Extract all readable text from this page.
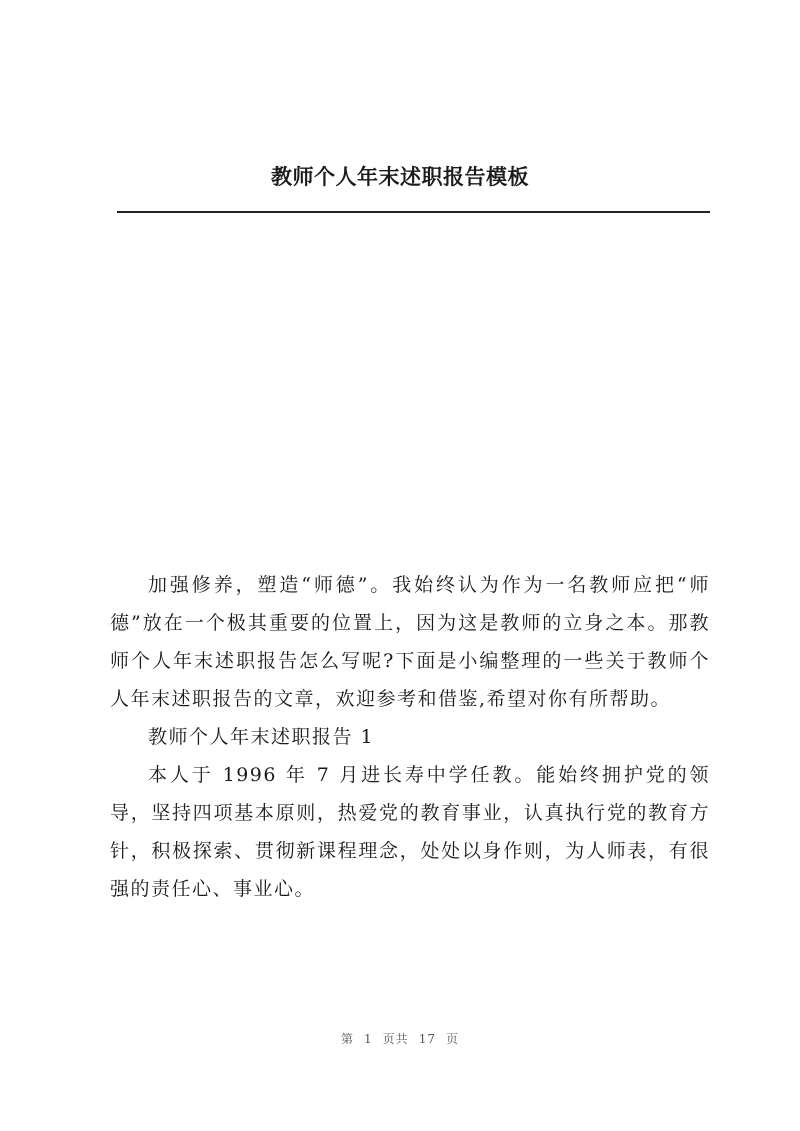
教师个人年末述职报告模板

加强修养，塑造“师德”。我始终认为作为一名教师应把“师德”放在一个极其重要的位置上，因为这是教师的立身之本。那教师个人年末述职报告怎么写呢?下面是小编整理的一些关于教师个人年末述职报告的文章，欢迎参考和借鉴,希望对你有所帮助。

教师个人年末述职报告 1

本人于 1996 年 7 月进长寿中学任教。能始终拥护党的领导，坚持四项基本原则，热爱党的教育事业，认真执行党的教育方针，积极探索、贯彻新课程理念，处处以身作则，为人师表，有很强的责任心、事业心。

第 1 页共 17 页
